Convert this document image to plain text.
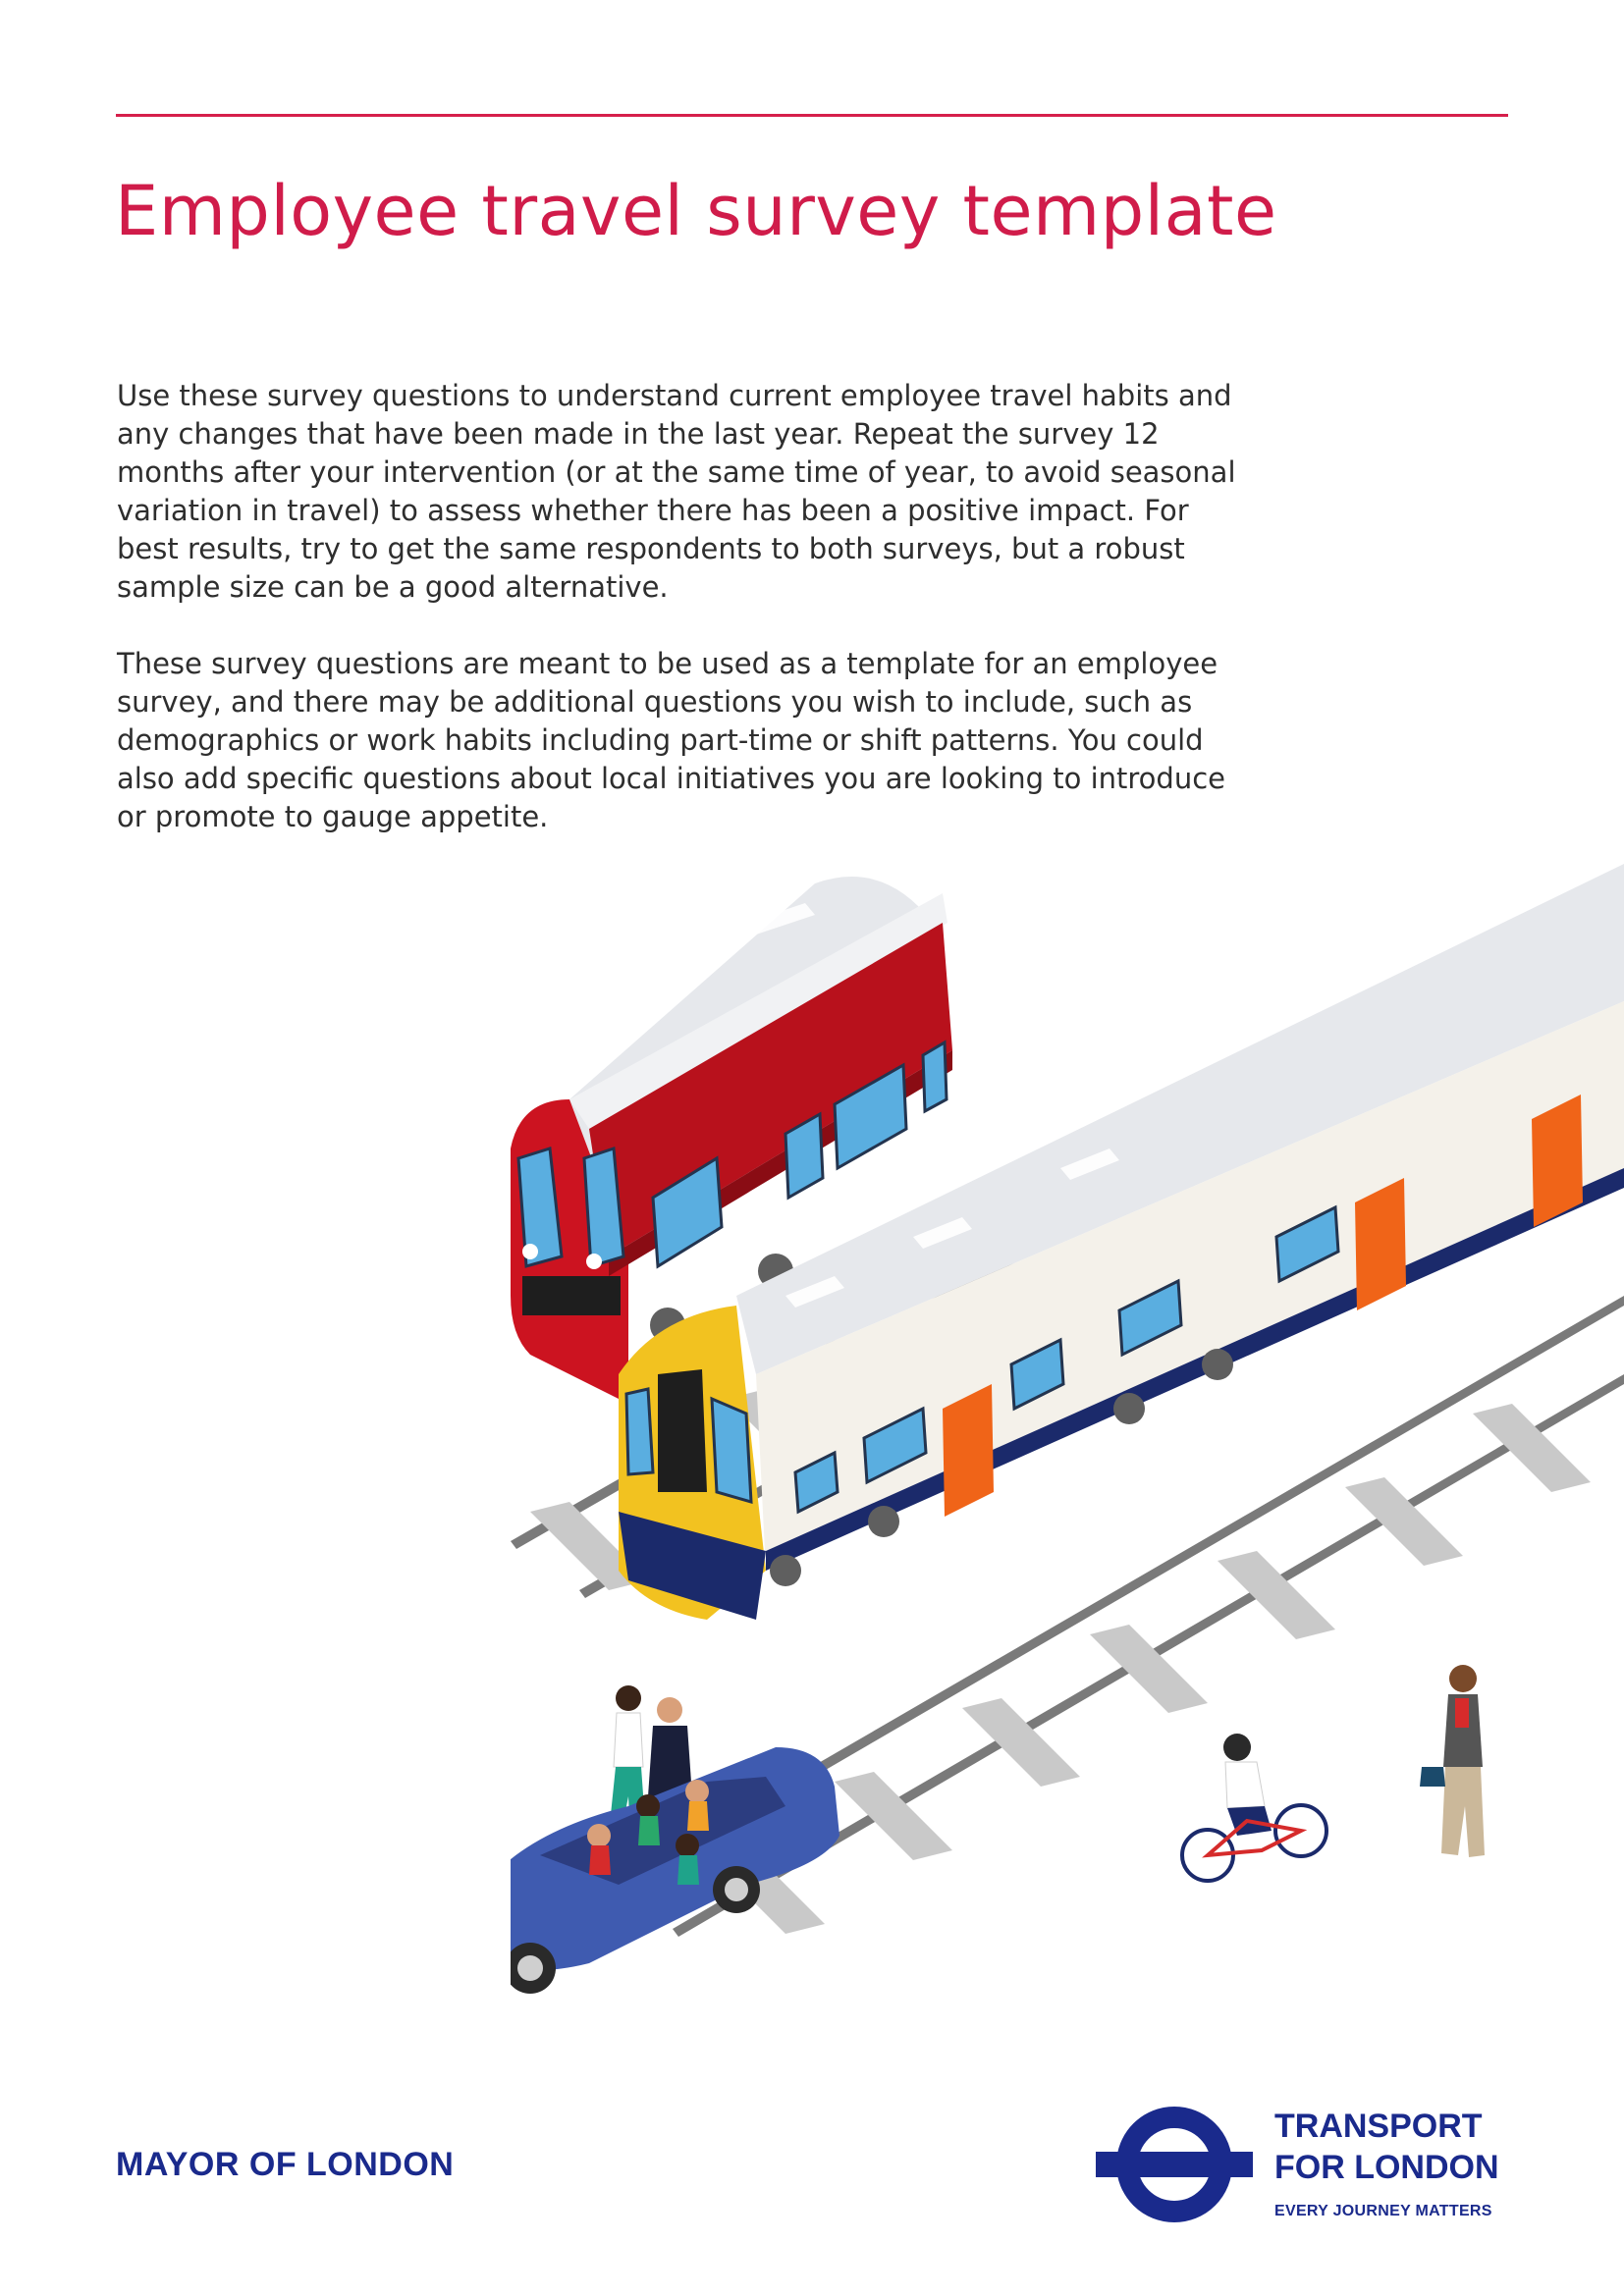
Employee travel survey template

Use these survey questions to understand current employee travel habits and any changes that have been made in the last year. Repeat the survey 12 months after your intervention (or at the same time of year, to avoid seasonal variation in travel) to assess whether there has been a positive impact. For best results, try to get the same respondents to both surveys, but a robust sample size can be a good alternative.

These survey questions are meant to be used as a template for an employee survey, and there may be additional questions you wish to include, such as demographics or work habits including part-time or shift patterns. You could also add specific questions about local initiatives you are looking to introduce or promote to gauge appetite.

MAYOR OF LONDON
TRANSPORT
FOR LONDON
EVERY JOURNEY MATTERS
